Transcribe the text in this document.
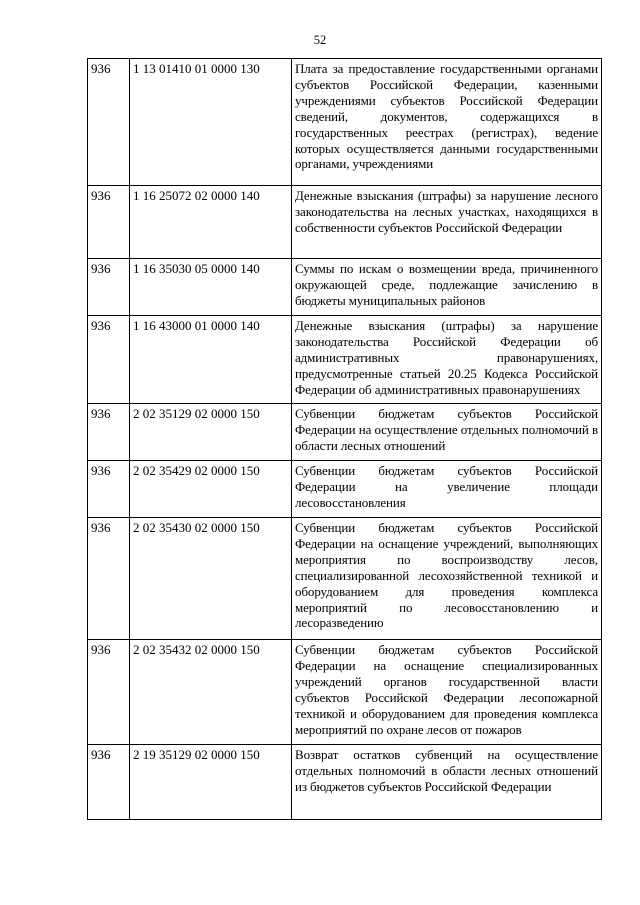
52
936	1 13 01410 01 0000 130	Плата за предоставление государственными органами субъектов Российской Федерации, казенными учреждениями субъектов Российской Федерации сведений, документов, содержащихся в государственных реестрах (регистрах), ведение которых осуществляется данными государственными органами, учреждениями
936	1 16 25072 02 0000 140	Денежные взыскания (штрафы) за нарушение лесного законодательства на лесных участках, находящихся в собственности субъектов Российской Федерации
936	1 16 35030 05 0000 140	Суммы по искам о возмещении вреда, причиненного окружающей среде, подлежащие зачислению в бюджеты муниципальных районов
936	1 16 43000 01 0000 140	Денежные взыскания (штрафы) за нарушение законодательства Российской Федерации об административных правонарушениях, предусмотренные статьей 20.25 Кодекса Российской Федерации об административных правонарушениях
936	2 02 35129 02 0000 150	Субвенции бюджетам субъектов Российской Федерации на осуществление отдельных полномочий в области лесных отношений
936	2 02 35429 02 0000 150	Субвенции бюджетам субъектов Российской Федерации на увеличение площади лесовосстановления
936	2 02 35430 02 0000 150	Субвенции бюджетам субъектов Российской Федерации на оснащение учреждений, выполняющих мероприятия по воспроизводству лесов, специализированной лесохозяйственной техникой и оборудованием для проведения комплекса мероприятий по лесовосстановлению и лесоразведению
936	2 02 35432 02 0000 150	Субвенции бюджетам субъектов Российской Федерации на оснащение специализированных учреждений органов государственной власти субъектов Российской Федерации лесопожарной техникой и оборудованием для проведения комплекса мероприятий по охране лесов от пожаров
936	2 19 35129 02 0000 150	Возврат остатков субвенций на осуществление отдельных полномочий в области лесных отношений из бюджетов субъектов Российской Федерации
